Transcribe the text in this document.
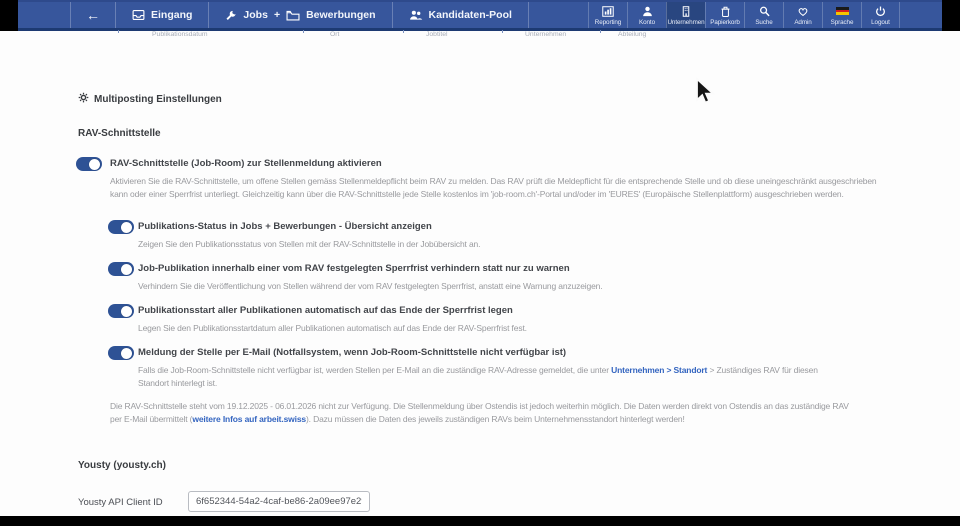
←	Eingang	Jobs + Bewerbungen	Kandidaten-Pool
Reporting	Konto Unternehmen Papierkorb Suche	Admin	Sprache	Logout
Publikationsdatum	Ort	Jobtitel	Unternehmen	Abteilung
Multiposting Einstellungen
RAV-Schnittstelle
RAV-Schnittstelle (Job-Room) zur Stellenmeldung aktivieren
Aktivieren Sie die RAV-Schnittstelle, um offene Stellen gemäss Stellenmeldepflicht beim RAV zu melden. Das RAV prüft die Meldepflicht für die entsprechende Stelle und ob diese uneingeschränkt ausgeschrieben kann oder einer Sperrfrist unterliegt. Gleichzeitig kann über die RAV-Schnittstelle jede Stelle kostenlos im 'job-room.ch'-Portal und/oder im 'EURES' (Europäische Stellenplattform) ausgeschrieben werden.
Publikations-Status in Jobs + Bewerbungen - Übersicht anzeigen
Zeigen Sie den Publikationsstatus von Stellen mit der RAV-Schnittstelle in der Jobübersicht an.
Job-Publikation innerhalb einer vom RAV festgelegten Sperrfrist verhindern statt nur zu warnen
Verhindern Sie die Veröffentlichung von Stellen während der vom RAV festgelegten Sperrfrist, anstatt eine Warnung anzuzeigen.
Publikationsstart aller Publikationen automatisch auf das Ende der Sperrfrist legen
Legen Sie den Publikationsstartdatum aller Publikationen automatisch auf das Ende der RAV-Sperrfrist fest.
Meldung der Stelle per E-Mail (Notfallsystem, wenn Job-Room-Schnittstelle nicht verfügbar ist)
Falls die Job-Room-Schnittstelle nicht verfügbar ist, werden Stellen per E-Mail an die zuständige RAV-Adresse gemeldet, die unter Unternehmen > Standort > Zuständiges RAV für diesen Standort hinterlegt ist.
Die RAV-Schnittstelle steht vom 19.12.2025 - 06.01.2026 nicht zur Verfügung. Die Stellenmeldung über Ostendis ist jedoch weiterhin möglich. Die Daten werden direkt von Ostendis an das zuständige RAV per E-Mail übermittelt (weitere Infos auf arbeit.swiss). Dazu müssen die Daten des jeweils zuständigen RAVs beim Unternehmensstandort hinterlegt werden!
Yousty (yousty.ch)
Yousty API Client ID
6f652344-54a2-4caf-be86-2a09ee97e291
